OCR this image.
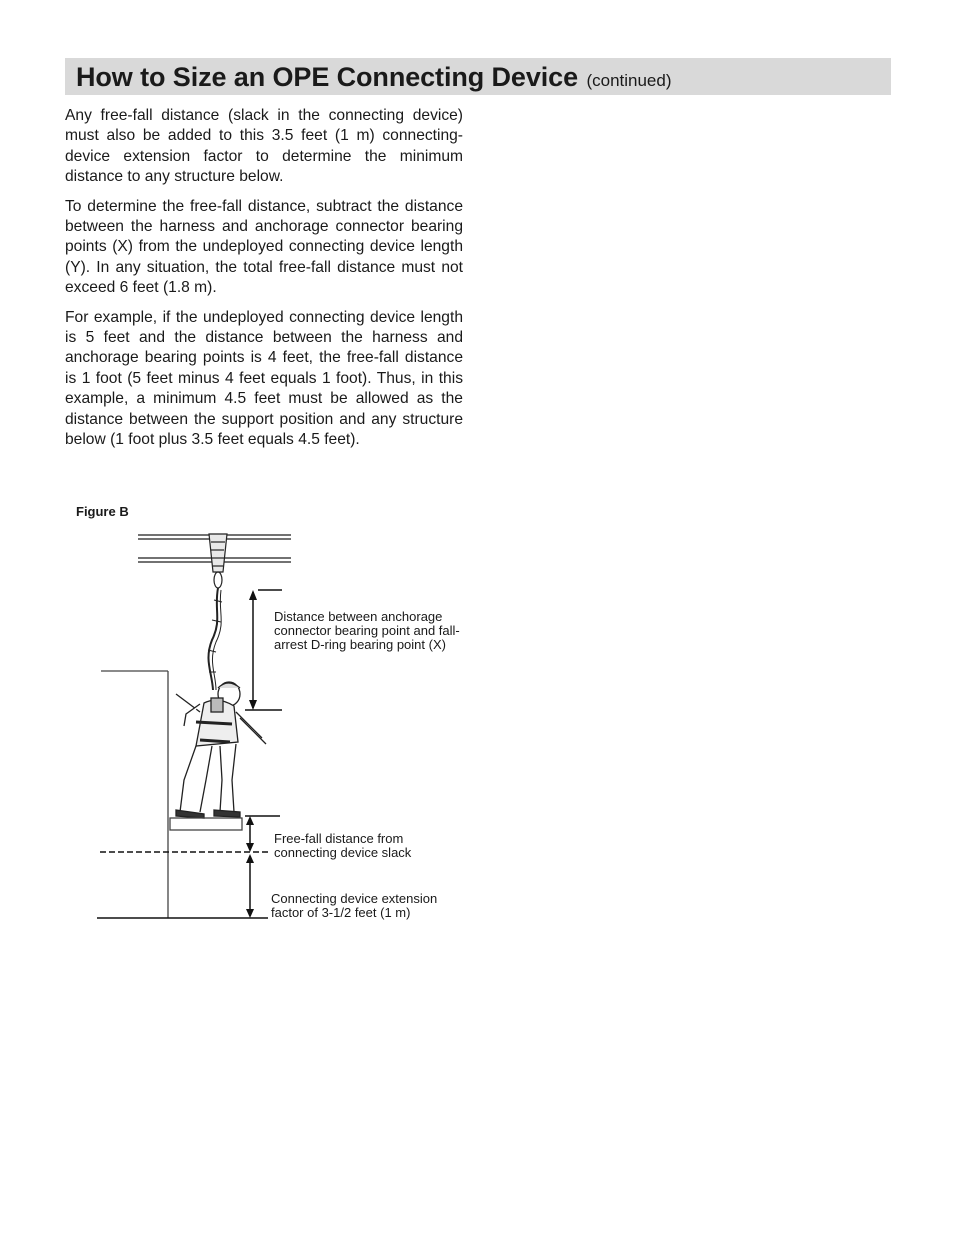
How to Size an OPE Connecting Device (continued)

Any free-fall distance (slack in the connecting device) must also be added to this 3.5 feet (1 m) connecting-device extension factor to determine the minimum distance to any structure below.

To determine the free-fall distance, subtract the distance between the harness and anchorage connector bearing points (X) from the undeployed connecting device length (Y). In any situation, the total free-fall distance must not exceed 6 feet (1.8 m).

For example, if the undeployed connecting device length is 5 feet and the distance between the harness and anchorage bearing points is 4 feet, the free-fall distance is 1 foot (5 feet minus 4 feet equals 1 foot). Thus, in this example, a minimum 4.5 feet must be allowed as the distance between the support position and any structure below (1 foot plus 3.5 feet equals 4.5 feet).

Figure B
Distance between anchorage connector bearing point and fall-arrest D-ring bearing point (X)
Free-fall distance from connecting device slack
Connecting device extension factor of 3-1/2 feet (1 m)
